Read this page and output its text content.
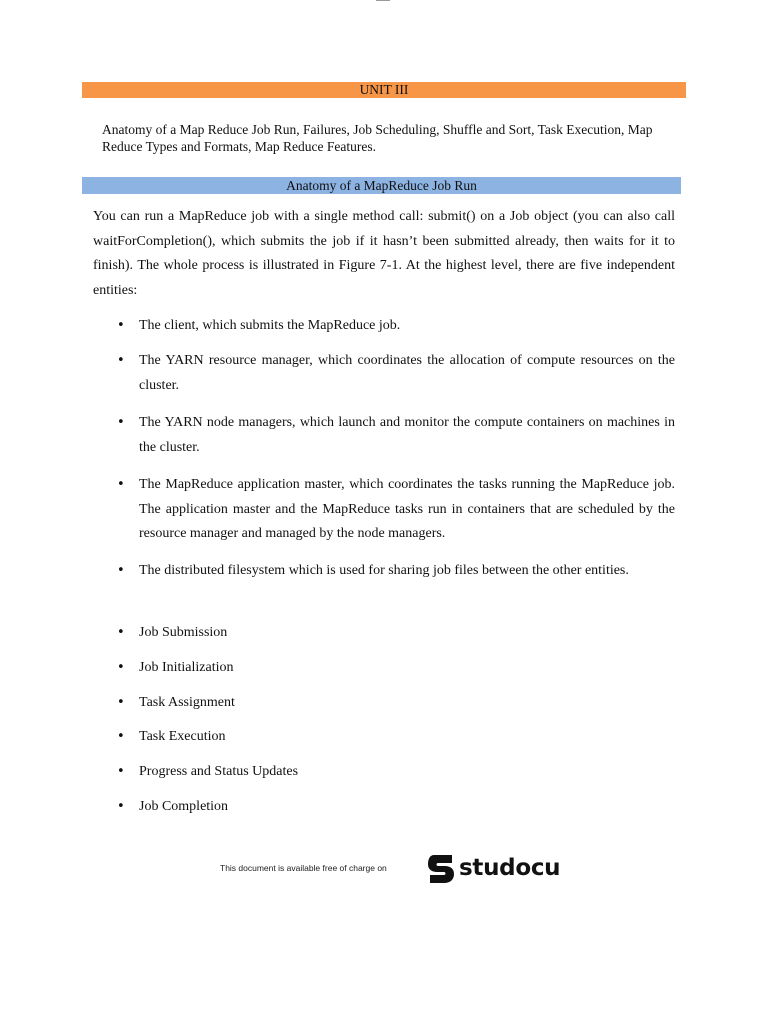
UNIT III

Anatomy of a Map Reduce Job Run, Failures, Job Scheduling, Shuffle and Sort, Task Execution, Map Reduce Types and Formats, Map Reduce Features.

Anatomy of a MapReduce Job Run

You can run a MapReduce job with a single method call: submit() on a Job object (you can also call waitForCompletion(), which submits the job if it hasn’t been submitted already, then waits for it to finish). The whole process is illustrated in Figure 7-1. At the highest level, there are five independent entities:

• The client, which submits the MapReduce job.
• The YARN resource manager, which coordinates the allocation of compute resources on the cluster.
• The YARN node managers, which launch and monitor the compute containers on machines in the cluster.
• The MapReduce application master, which coordinates the tasks running the MapReduce job. The application master and the MapReduce tasks run in containers that are scheduled by the resource manager and managed by the node managers.
• The distributed filesystem which is used for sharing job files between the other entities.
• Job Submission
• Job Initialization
• Task Assignment
• Task Execution
• Progress and Status Updates
• Job Completion
This document is available free of charge on	studocu
